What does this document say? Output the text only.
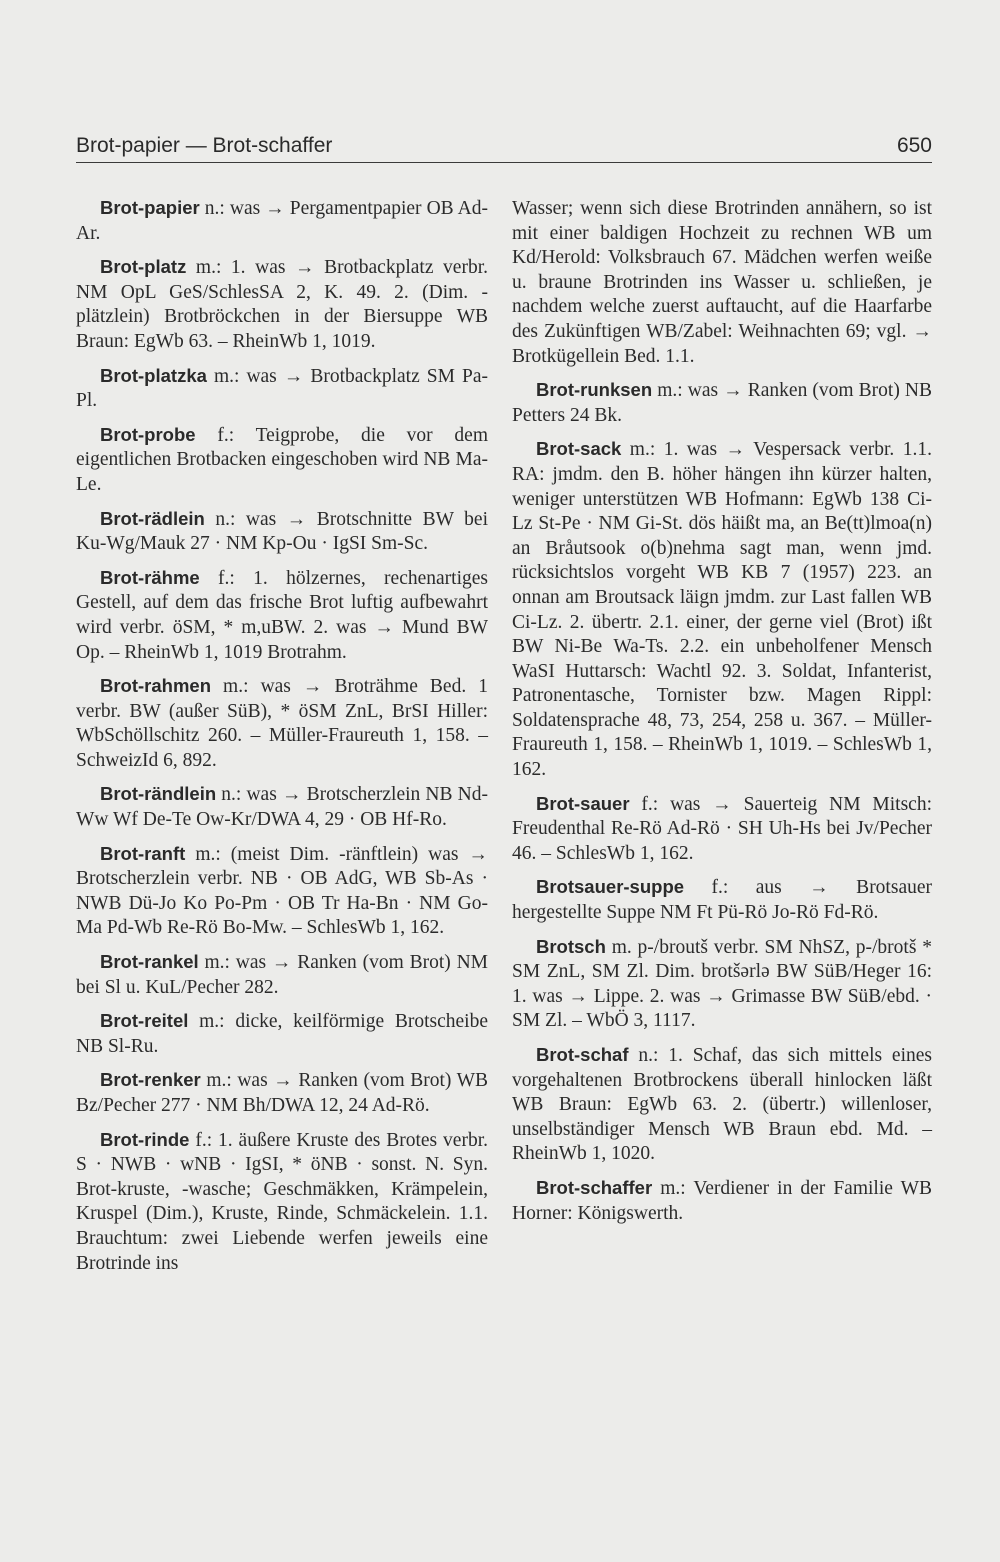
Brot-papier — Brot-schaffer	650

Brot-papier n.: was → Pergamentpapier OB Ad-Ar.

Brot-platz m.: 1. was → Brotbackplatz verbr. NM OpL GeS/SchlesSA 2, K. 49. 2. (Dim. -plätzlein) Brotbröckchen in der Biersuppe WB Braun: EgWb 63. – RheinWb 1, 1019.

Brot-platzka m.: was → Brotbackplatz SM Pa-Pl.

Brot-probe f.: Teigprobe, die vor dem eigentlichen Brotbacken eingeschoben wird NB Ma-Le.

Brot-rädlein n.: was → Brotschnitte BW bei Ku-Wg/Mauk 27 · NM Kp-Ou · IgSI Sm-Sc.

Brot-rähme f.: 1. hölzernes, rechenartiges Gestell, auf dem das frische Brot luftig aufbewahrt wird verbr. öSM, * m,uBW. 2. was → Mund BW Op. – RheinWb 1, 1019 Brotrahm.

Brot-rahmen m.: was → Broträhme Bed. 1 verbr. BW (außer SüB), * öSM ZnL, BrSI Hiller: WbSchöllschitz 260. – Müller-Fraureuth 1, 158. – SchweizId 6, 892.

Brot-rändlein n.: was → Brotscherzlein NB Nd-Ww Wf De-Te Ow-Kr/DWA 4, 29 · OB Hf-Ro.

Brot-ranft m.: (meist Dim. -ränftlein) was → Brotscherzlein verbr. NB · OB AdG, WB Sb-As · NWB Dü-Jo Ko Po-Pm · OB Tr Ha-Bn · NM Go-Ma Pd-Wb Re-Rö Bo-Mw. – SchlesWb 1, 162.

Brot-rankel m.: was → Ranken (vom Brot) NM bei Sl u. KuL/Pecher 282.

Brot-reitel m.: dicke, keilförmige Brotscheibe NB Sl-Ru.

Brot-renker m.: was → Ranken (vom Brot) WB Bz/Pecher 277 · NM Bh/DWA 12, 24 Ad-Rö.

Brot-rinde f.: 1. äußere Kruste des Brotes verbr. S · NWB · wNB · IgSI, * öNB · sonst. N. Syn. Brot-kruste, -wasche; Geschmäkken, Krämpelein, Kruspel (Dim.), Kruste, Rinde, Schmäckelein. 1.1. Brauchtum: zwei Liebende werfen jeweils eine Brotrinde ins

Wasser; wenn sich diese Brotrinden annähern, so ist mit einer baldigen Hochzeit zu rechnen WB um Kd/Herold: Volksbrauch 67. Mädchen werfen weiße u. braune Brotrinden ins Wasser u. schließen, je nachdem welche zuerst auftaucht, auf die Haarfarbe des Zukünftigen WB/Zabel: Weihnachten 69; vgl. → Brotkügellein Bed. 1.1.

Brot-runksen m.: was → Ranken (vom Brot) NB Petters 24 Bk.

Brot-sack m.: 1. was → Vespersack verbr. 1.1. RA: jmdm. den B. höher hängen ihn kürzer halten, weniger unterstützen WB Hofmann: EgWb 138 Ci-Lz St-Pe · NM Gi-St. dös häißt ma, an Be(tt)lmoa(n) an Bråutsook o(b)nehma sagt man, wenn jmd. rücksichtslos vorgeht WB KB 7 (1957) 223. an onnan am Broutsack läign jmdm. zur Last fallen WB Ci-Lz. 2. übertr. 2.1. einer, der gerne viel (Brot) ißt BW Ni-Be Wa-Ts. 2.2. ein unbeholfener Mensch WaSI Huttarsch: Wachtl 92. 3. Soldat, Infanterist, Patronentasche, Tornister bzw. Magen Rippl: Soldatensprache 48, 73, 254, 258 u. 367. – Müller-Fraureuth 1, 158. – RheinWb 1, 1019. – SchlesWb 1, 162.

Brot-sauer f.: was → Sauerteig NM Mitsch: Freudenthal Re-Rö Ad-Rö · SH Uh-Hs bei Jv/Pecher 46. – SchlesWb 1, 162.

Brotsauer-suppe f.: aus → Brotsauer hergestellte Suppe NM Ft Pü-Rö Jo-Rö Fd-Rö.

Brotsch m. p-/broutš verbr. SM NhSZ, p-/brotš * SM ZnL, SM Zl. Dim. brotšərlə BW SüB/Heger 16: 1. was → Lippe. 2. was → Grimasse BW SüB/ebd. · SM Zl. – WbÖ 3, 1117.

Brot-schaf n.: 1. Schaf, das sich mittels eines vorgehaltenen Brotbrockens überall hinlocken läßt WB Braun: EgWb 63. 2. (übertr.) willenloser, unselbständiger Mensch WB Braun ebd. Md. – RheinWb 1, 1020.

Brot-schaffer m.: Verdiener in der Familie WB Horner: Königswerth.
